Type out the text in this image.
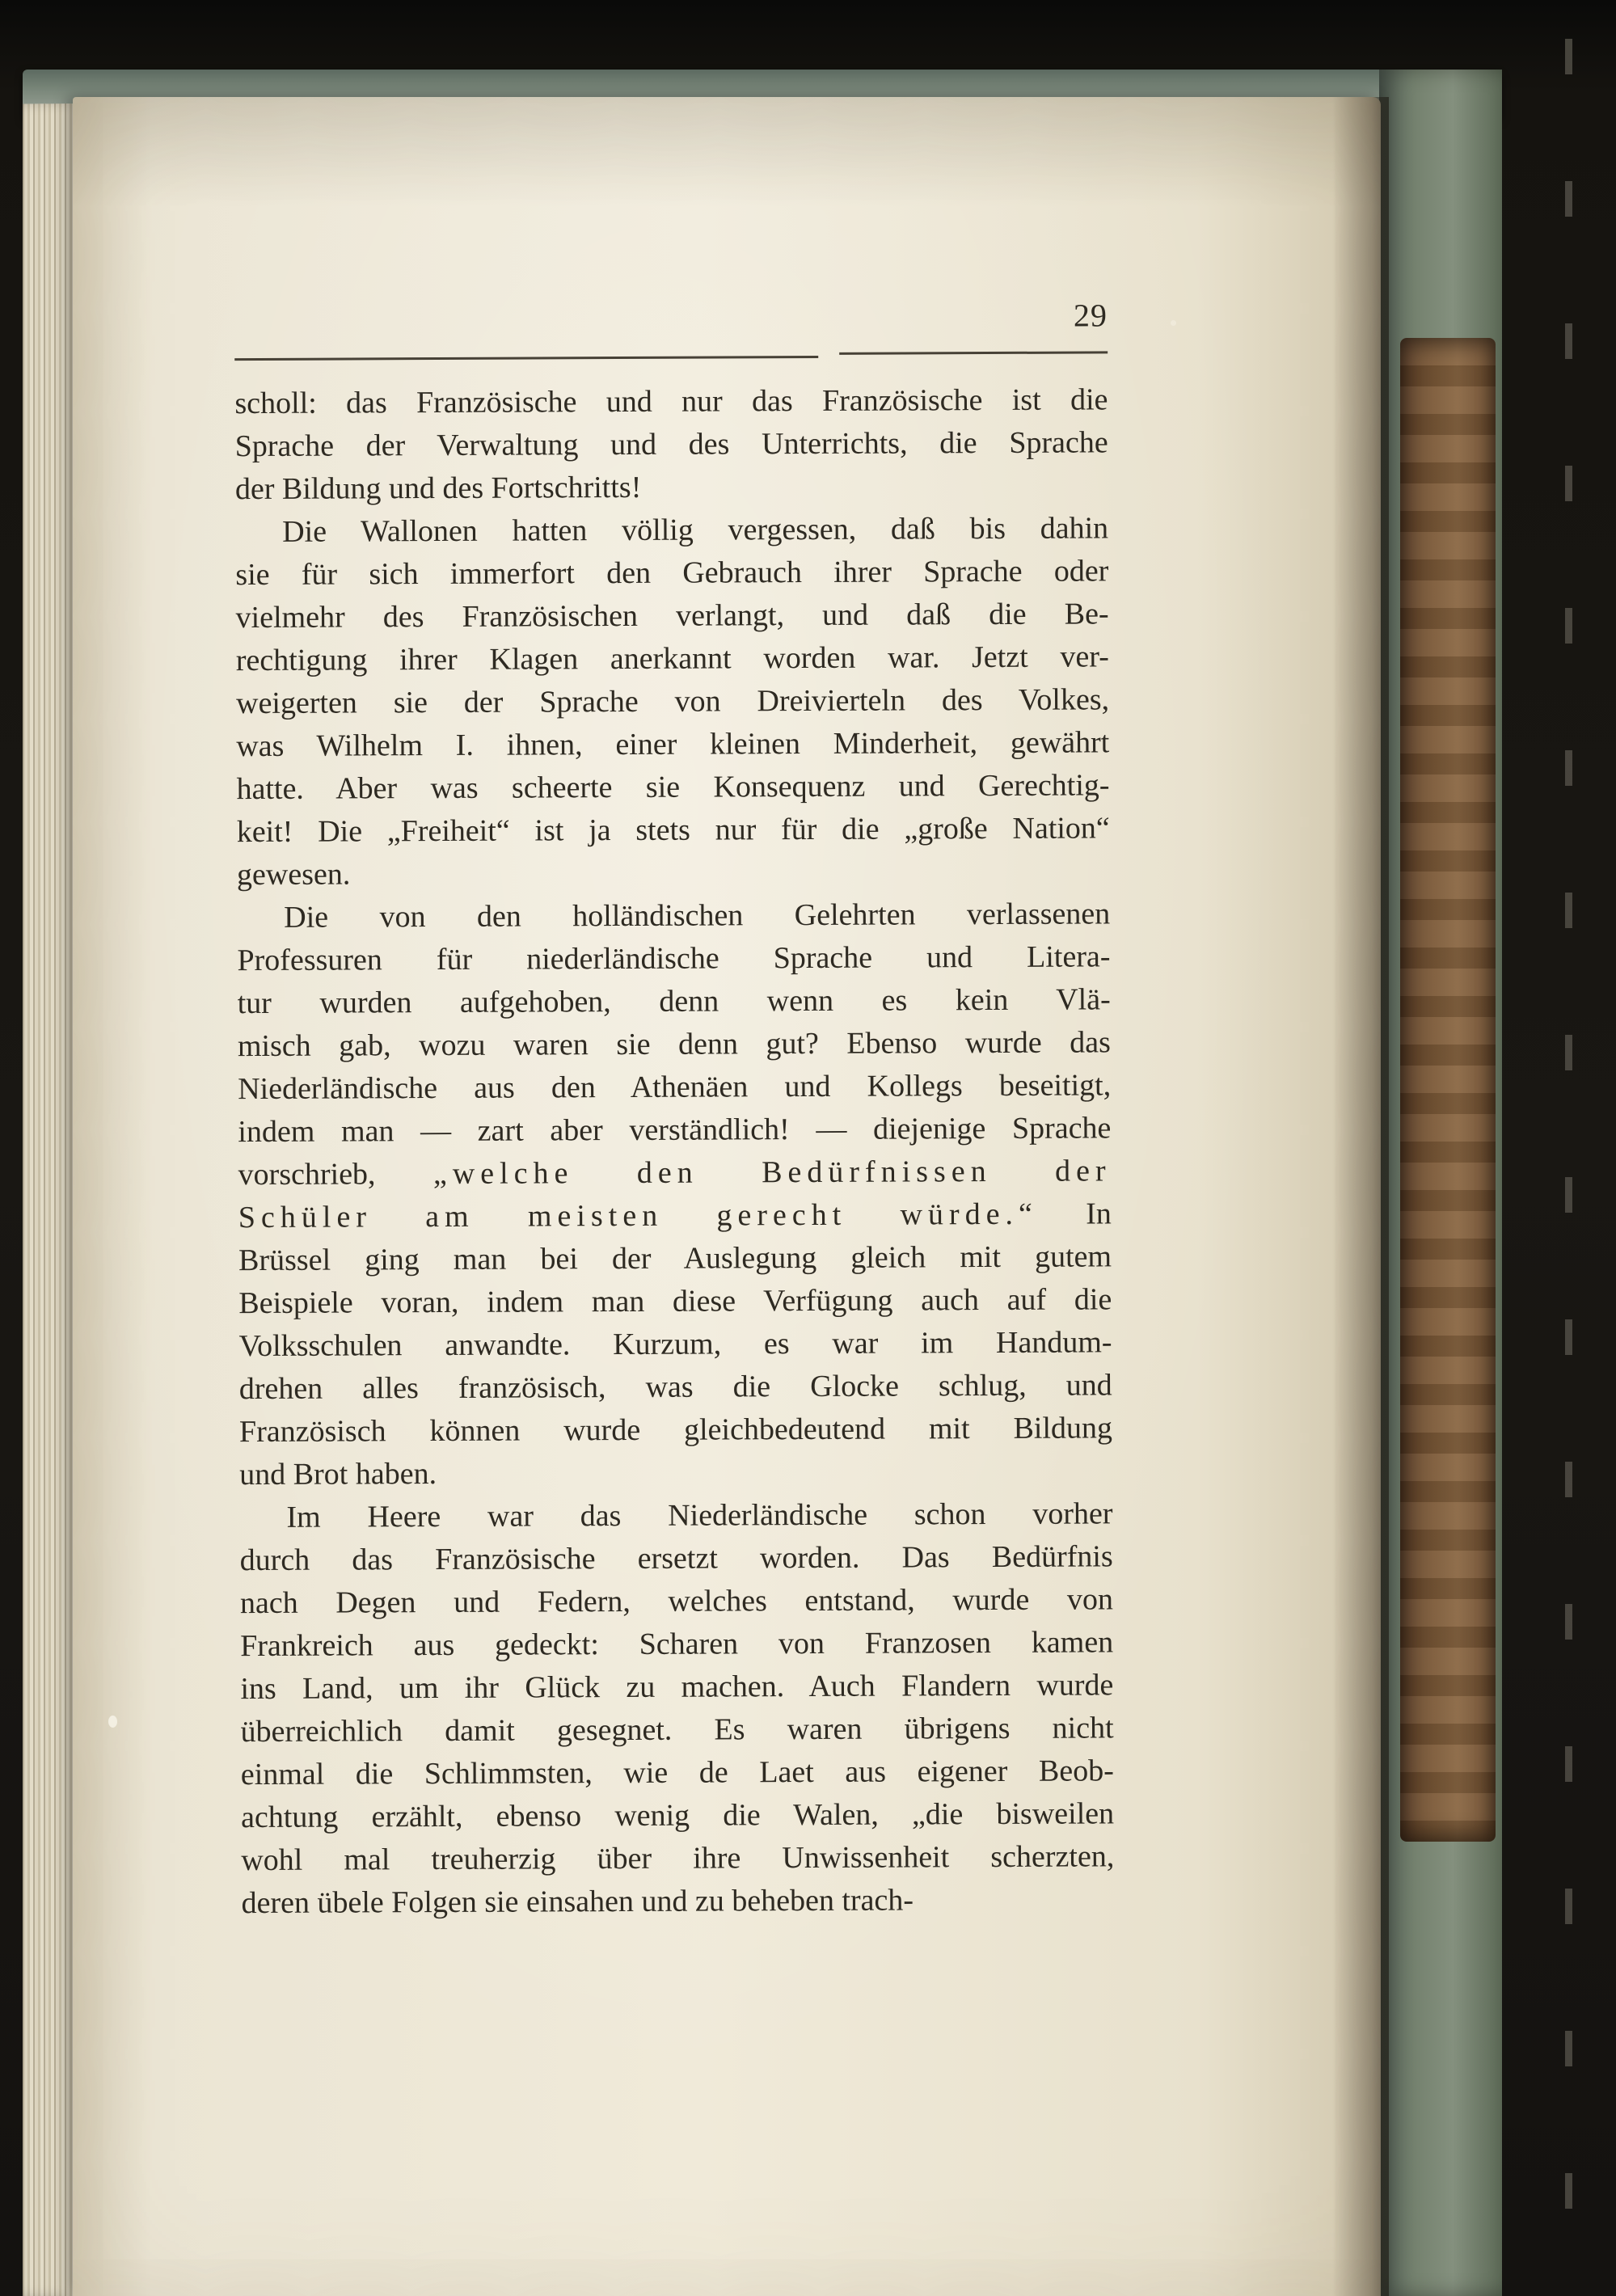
29
scholl: das Französische und nur das Französische ist die
Sprache der Verwaltung und des Unterrichts, die Sprache
der Bildung und des Fortschritts!
Die Wallonen hatten völlig vergessen, daß bis dahin
sie für sich immerfort den Gebrauch ihrer Sprache oder
vielmehr des Französischen verlangt, und daß die Be-
rechtigung ihrer Klagen anerkannt worden war. Jetzt ver-
weigerten sie der Sprache von Dreivierteln des Volkes,
was Wilhelm I. ihnen, einer kleinen Minderheit, gewährt
hatte. Aber was scheerte sie Konsequenz und Gerechtig-
keit! Die „Freiheit“ ist ja stets nur für die „große Nation“
gewesen.
Die von den holländischen Gelehrten verlassenen
Professuren für niederländische Sprache und Litera-
tur wurden aufgehoben, denn wenn es kein Vlä-
misch gab, wozu waren sie denn gut? Ebenso wurde das
Niederländische aus den Athenäen und Kollegs beseitigt,
indem man — zart aber verständlich! — diejenige Sprache
vorschrieb, „welche den Bedürfnissen der
Schüler am meisten gerecht würde.“ In
Brüssel ging man bei der Auslegung gleich mit gutem
Beispiele voran, indem man diese Verfügung auch auf die
Volksschulen anwandte. Kurzum, es war im Handum-
drehen alles französisch, was die Glocke schlug, und
Französisch können wurde gleichbedeutend mit Bildung
und Brot haben.
Im Heere war das Niederländische schon vorher
durch das Französische ersetzt worden. Das Bedürfnis
nach Degen und Federn, welches entstand, wurde von
Frankreich aus gedeckt: Scharen von Franzosen kamen
ins Land, um ihr Glück zu machen. Auch Flandern wurde
überreichlich damit gesegnet. Es waren übrigens nicht
einmal die Schlimmsten, wie de Laet aus eigener Beob-
achtung erzählt, ebenso wenig die Walen, „die bisweilen
wohl mal treuherzig über ihre Unwissenheit scherzten,
deren übele Folgen sie einsahen und zu beheben trach-
